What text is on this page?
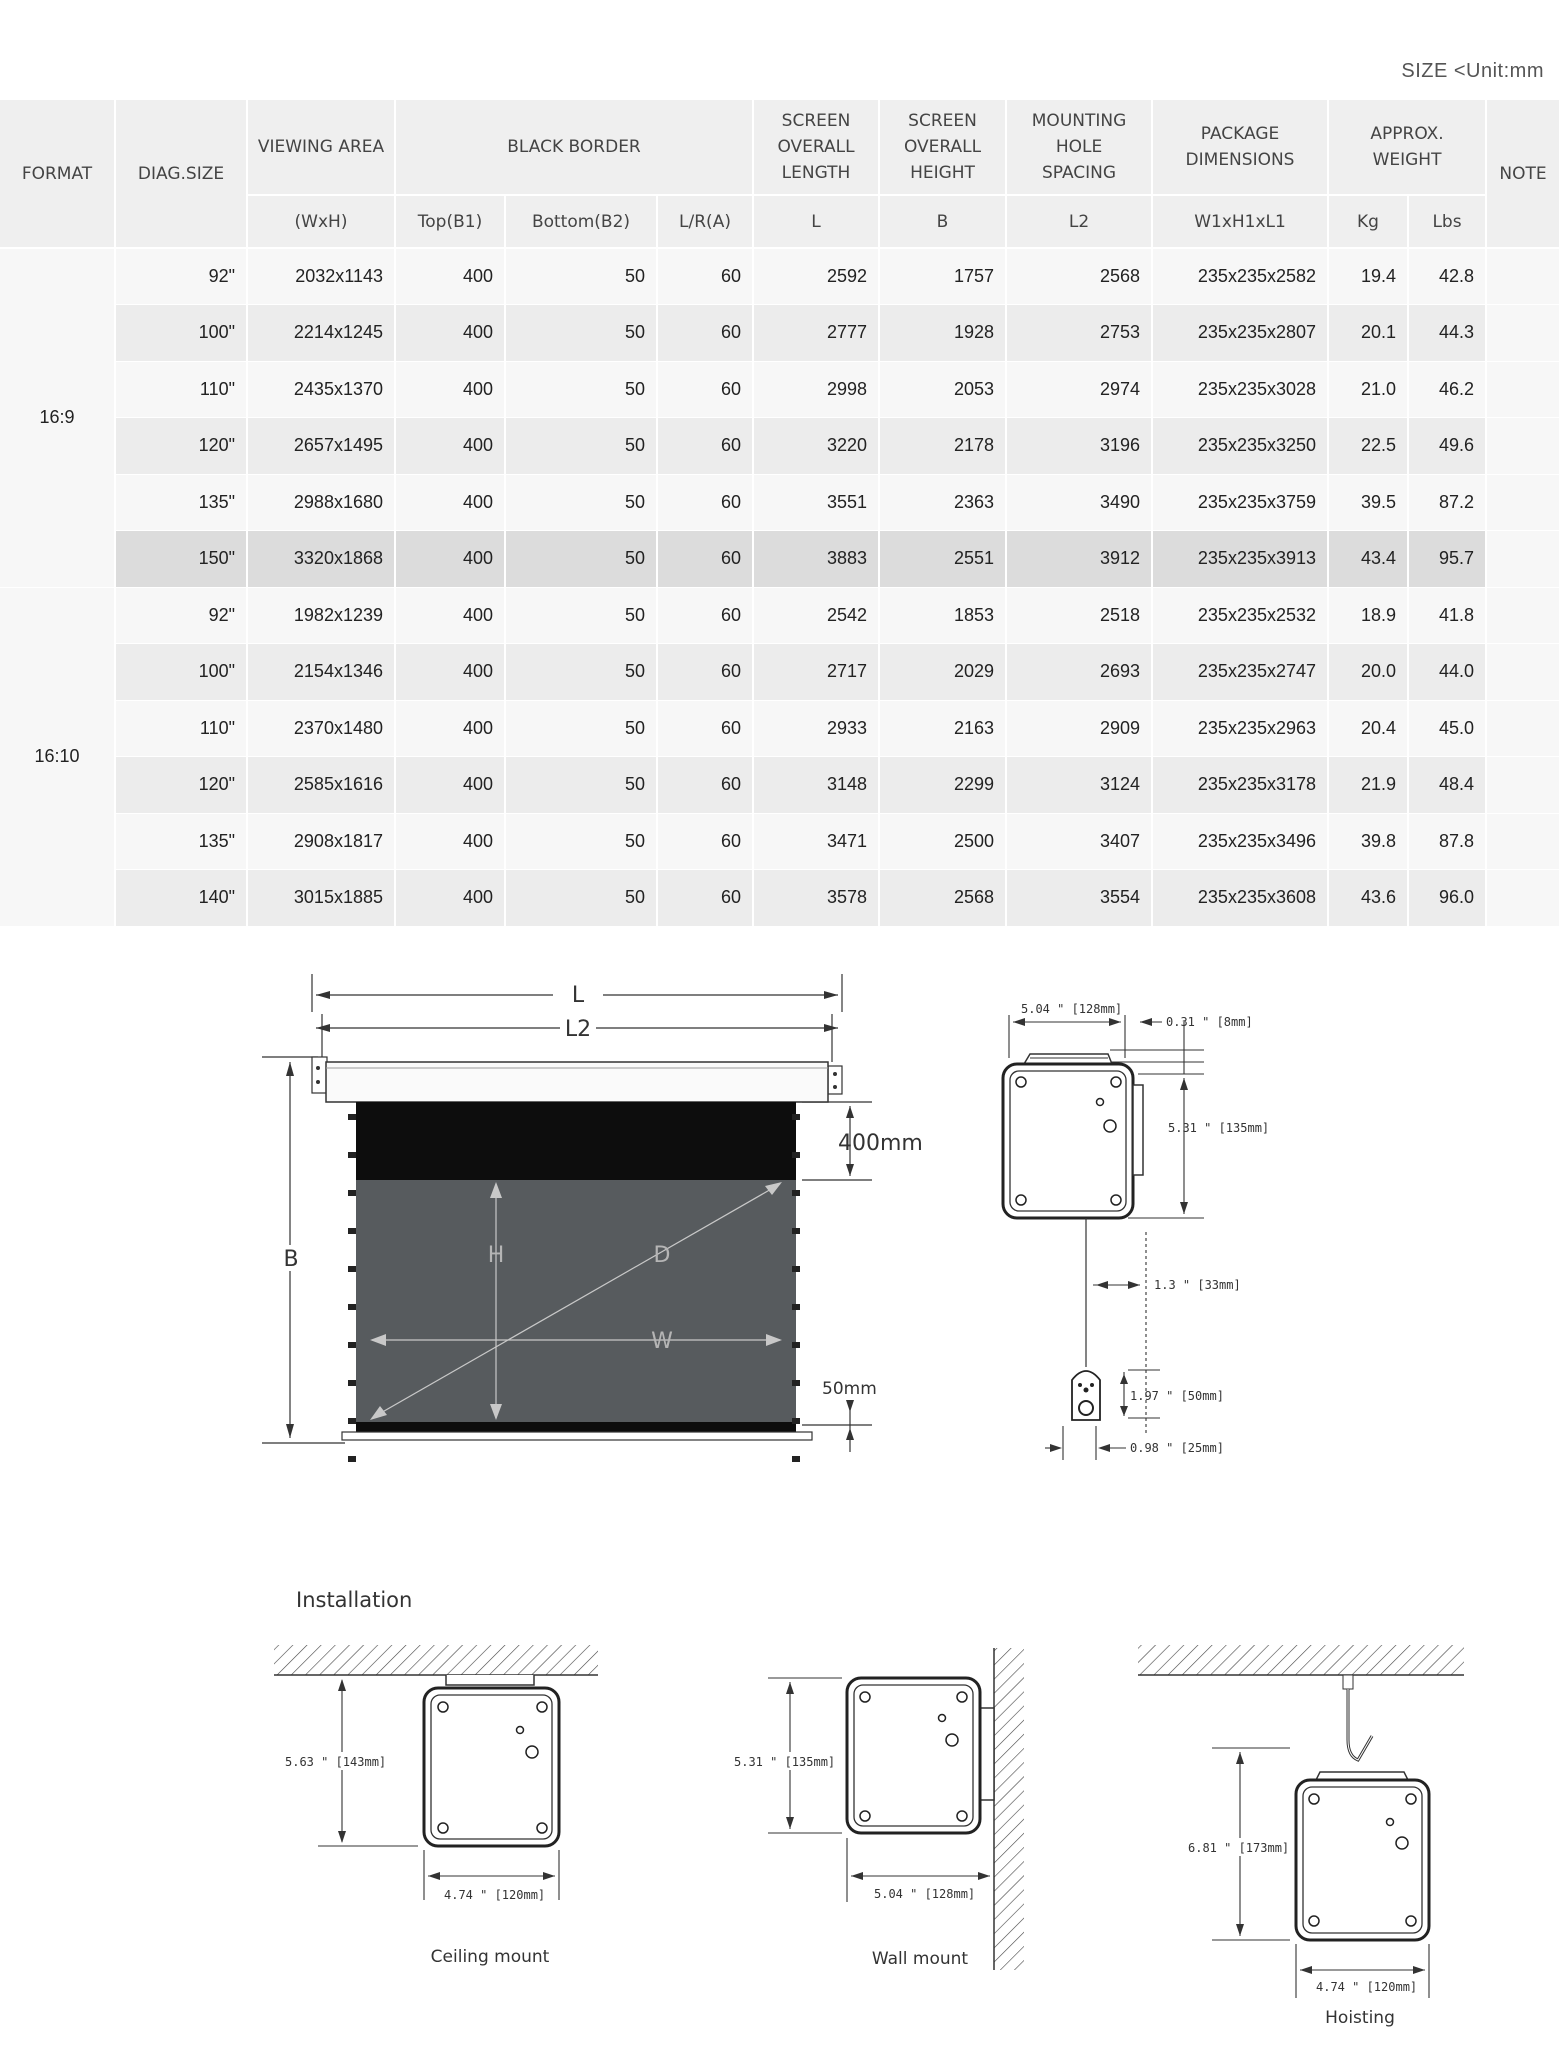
SIZE <Unit:mm
FORMAT	DIAG.SIZE	VIEWING AREA	BLACK BORDER			SCREEN
OVERALL
LENGTH	SCREEN
OVERALL
HEIGHT	MOUNTING
HOLE
SPACING	PACKAGE
DIMENSIONS	APPROX.
WEIGHT		NOTE
		(WxH)	Top(B1)	Bottom(B2)	L/R(A)	L	B	L2	W1xH1xL1	Kg	Lbs	
16:9	92"	2032x1143	400	50	60	2592	1757	2568	235x235x2582	19.4	42.8	
	100"	2214x1245	400	50	60	2777	1928	2753	235x235x2807	20.1	44.3	
	110"	2435x1370	400	50	60	2998	2053	2974	235x235x3028	21.0	46.2	
	120"	2657x1495	400	50	60	3220	2178	3196	235x235x3250	22.5	49.6	
	135"	2988x1680	400	50	60	3551	2363	3490	235x235x3759	39.5	87.2	
	150"	3320x1868	400	50	60	3883	2551	3912	235x235x3913	43.4	95.7	
16:10	92"	1982x1239	400	50	60	2542	1853	2518	235x235x2532	18.9	41.8	
	100"	2154x1346	400	50	60	2717	2029	2693	235x235x2747	20.0	44.0	
	110"	2370x1480	400	50	60	2933	2163	2909	235x235x2963	20.4	45.0	
	120"	2585x1616	400	50	60	3148	2299	3124	235x235x3178	21.9	48.4	
	135"	2908x1817	400	50	60	3471	2500	3407	235x235x3496	39.8	87.8	
	140"	3015x1885	400	50	60	3578	2568	3554	235x235x3608	43.6	96.0	
L
L2
B
400mm
50mm
H	D
W
5.04 " [128mm]
0.31 " [8mm]
5.31 " [135mm]
1.3 " [33mm]
1.97 " [50mm]
0.98 " [25mm]
Installation
5.63 " [143mm]
4.74 " [120mm]
Ceiling mount
5.31 " [135mm]
5.04 " [128mm]
Wall mount
6.81 " [173mm]
4.74 " [120mm]
Hoisting
